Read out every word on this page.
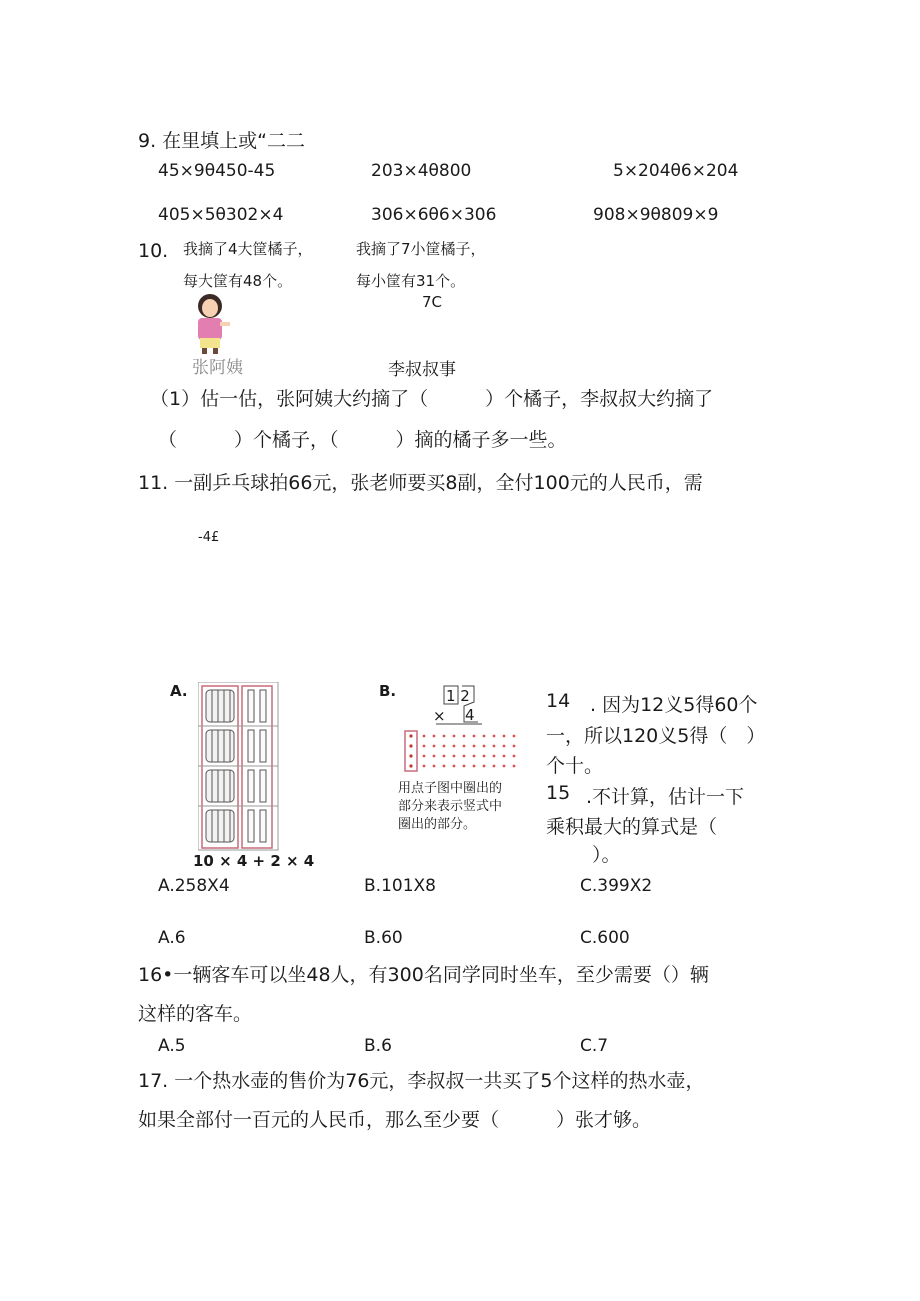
9. 在里填上或“二二
45×9θ450-45	203×4θ800	5×204θ6×204
405×5θ302×4	306×6θ6×306	908×9θ809×9
10. 我摘了4大筐橘子，
每大筐有48个。
我摘了7小筐橘子，
每小筐有31个。
7C
张阿姨	李叔叔事
（1）估一估，张阿姨大约摘了（　　　）个橘子，李叔叔大约摘了
（　　　）个橘子，（　　　）摘的橘子多一些。
11. 一副乒乓球拍66元，张老师要买8副，全付100元的人民币，需
-4£
A.
10 × 4 + 2 × 4
B.	1 2
× 4
用点子图中圈出的
部分来表示竖式中
圈出的部分。
14 . 因为12义5得60个
一，所以120义5得（　）
个十。
15 .不计算，估计一下
乘积最大的算式是（
）。
A.258X4	B.101X8	C.399X2
A.6	B.60	C.600
16•一辆客车可以坐48人，有300名同学同时坐车，至少需要（）辆
这样的客车。
A.5	B.6	C.7
17. 一个热水壶的售价为76元，李叔叔一共买了5个这样的热水壶，
如果全部付一百元的人民币，那么至少要（　　　）张才够。
